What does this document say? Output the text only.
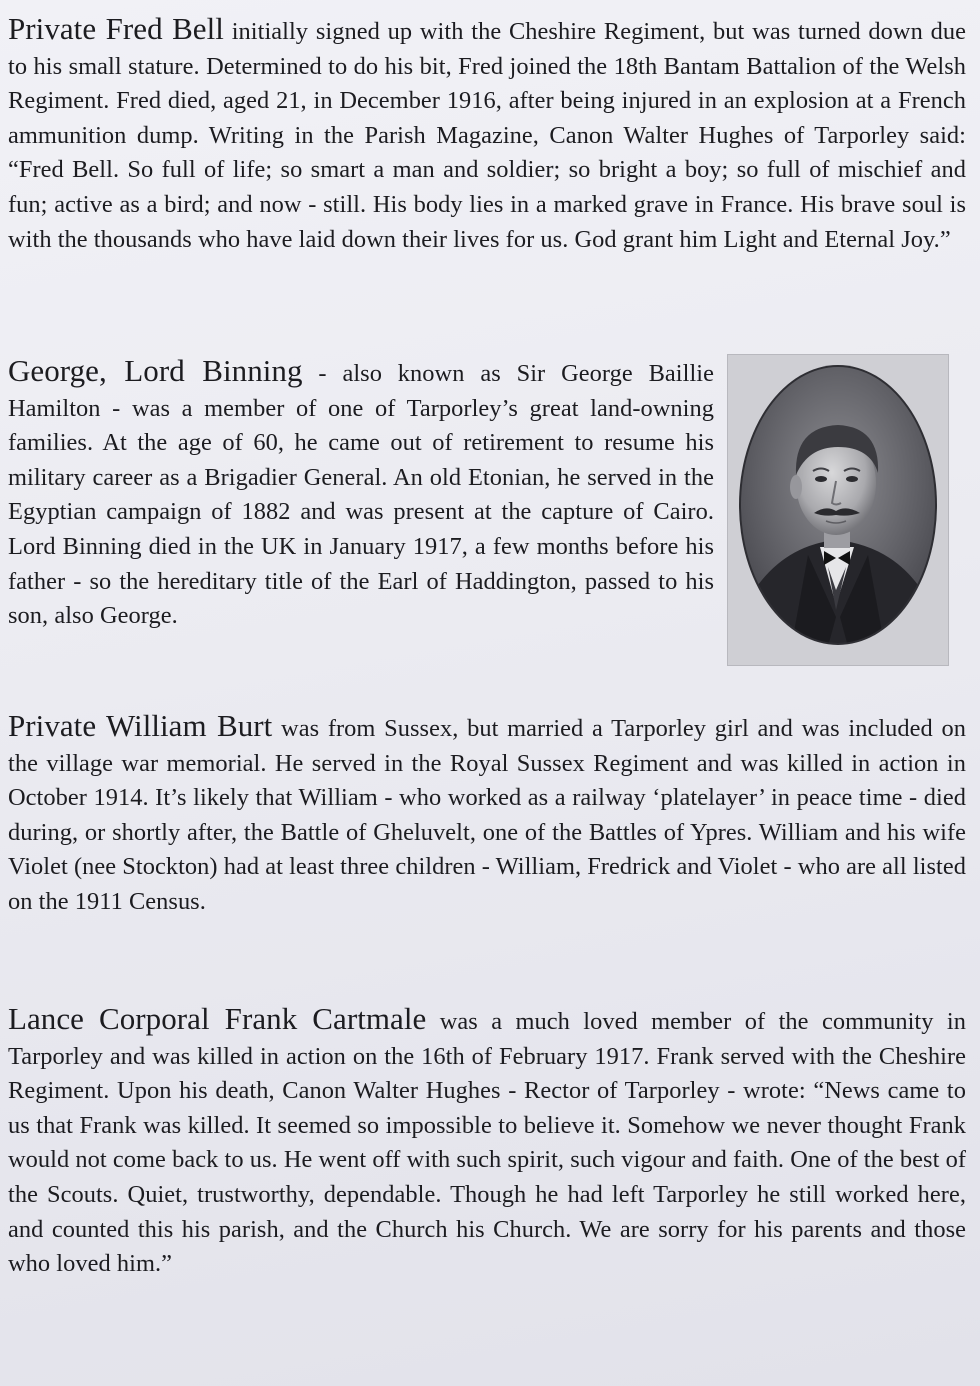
Private Fred Bell initially signed up with the Cheshire Regiment, but was turned down due to his small stature. Determined to do his bit, Fred joined the 18th Bantam Battalion of the Welsh Regiment. Fred died, aged 21, in December 1916, after being injured in an explosion at a French ammunition dump. Writing in the Parish Magazine, Canon Walter Hughes of Tarporley said: “Fred Bell. So full of life; so smart a man and soldier; so bright a boy; so full of mischief and fun; active as a bird; and now - still. His body lies in a marked grave in France. His brave soul is with the thousands who have laid down their lives for us. God grant him Light and Eternal Joy.”

George, Lord Binning - also known as Sir George Baillie Hamilton - was a member of one of Tarporley’s great land-owning families. At the age of 60, he came out of retirement to resume his military career as a Brigadier General. An old Etonian, he served in the Egyptian campaign of 1882 and was present at the capture of Cairo. Lord Binning died in the UK in January 1917, a few months before his father - so the hereditary title of the Earl of Haddington, passed to his son, also George.

Private William Burt was from Sussex, but married a Tarporley girl and was included on the village war memorial. He served in the Royal Sussex Regiment and was killed in action in October 1914. It’s likely that William - who worked as a railway ‘platelayer’ in peace time - died during, or shortly after, the Battle of Gheluvelt, one of the Battles of Ypres. William and his wife Violet (nee Stockton) had at least three children - William, Fredrick and Violet - who are all listed on the 1911 Census.

Lance Corporal Frank Cartmale was a much loved member of the community in Tarporley and was killed in action on the 16th of February 1917. Frank served with the Cheshire Regiment. Upon his death, Canon Walter Hughes - Rector of Tarporley - wrote: “News came to us that Frank was killed. It seemed so impossible to believe it. Somehow we never thought Frank would not come back to us. He went off with such spirit, such vigour and faith. One of the best of the Scouts. Quiet, trustworthy, dependable. Though he had left Tarporley he still worked here, and counted this his parish, and the Church his Church. We are sorry for his parents and those who loved him.”
